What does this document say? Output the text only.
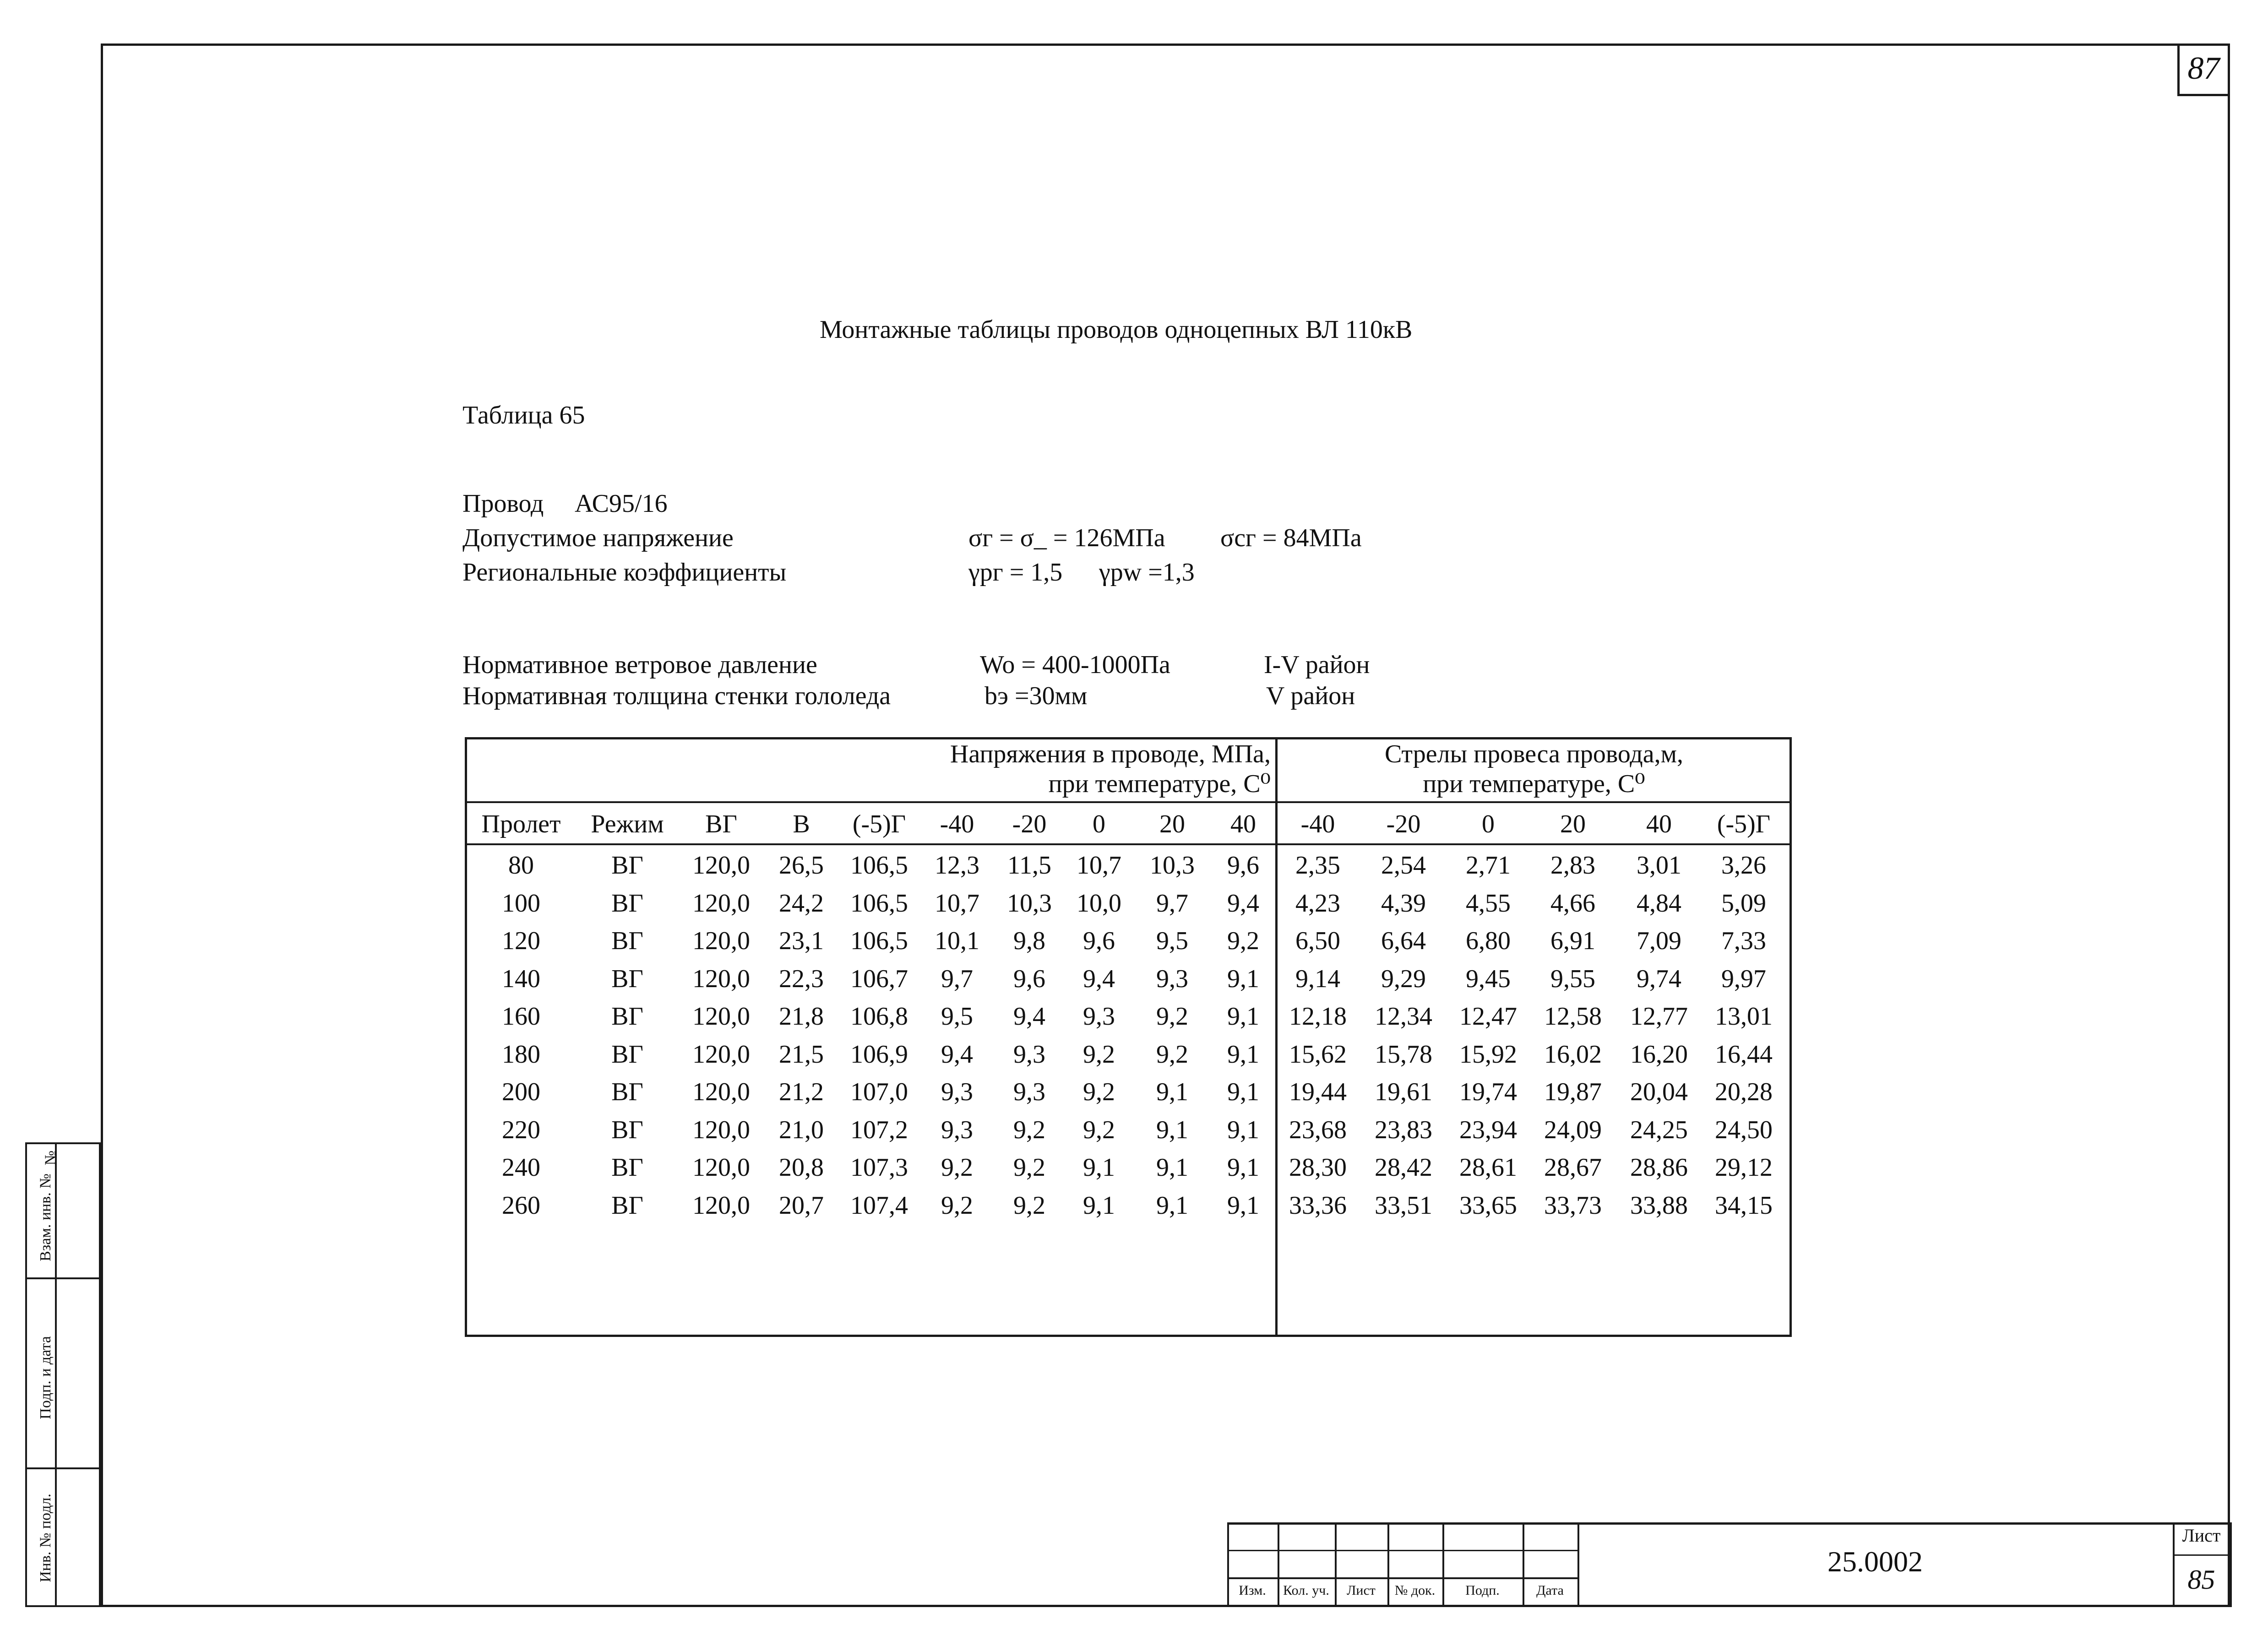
87
Монтажные таблицы проводов одноцепных ВЛ 110кВ
Таблица 65
Провод АС95/16
Допустимое напряжение	σг = σ_ = 126МПа σсг = 84МПа
Региональные коэффициенты	γрг = 1,5 γpw =1,3
Нормативное ветровое давление	Wo = 400-1000Па	I-V район
Нормативная толщина стенки гололеда	bэ =30мм	V район
Напряжения в проводе, МПа,
при температуре, С⁰
Стрелы провеса провода,м,
при температуре, С⁰
Пролет	Режим	ВГ	В	(-5)Г	-40	-20	0	20	40	-40	-20	0	20	40	(-5)Г
80	ВГ	120,0	26,5	106,5	12,3	11,5 10,7	10,3	9,6	2,35	2,54	2,71	2,83	3,01	3,26
100	ВГ	120,0	24,2	106,5	10,7	10,3 10,0	9,7	9,4	4,23	4,39	4,55	4,66	4,84	5,09
120	ВГ	120,0	23,1	106,5	10,1	9,8	9,6	9,5	9,2	6,50	6,64	6,80	6,91	7,09	7,33
140	ВГ	120,0	22,3	106,7	9,7	9,6	9,4	9,3	9,1	9,14	9,29	9,45	9,55	9,74	9,97
160	ВГ	120,0	21,8	106,8	9,5	9,4	9,3	9,2	9,1	12,18	12,34	12,47	12,58	12,77	13,01
180	ВГ	120,0	21,5	106,9	9,4	9,3	9,2	9,2	9,1	15,62	15,78	15,92	16,02	16,20	16,44
200	ВГ	120,0	21,2	107,0	9,3	9,3	9,2	9,1	9,1	19,44	19,61	19,74	19,87	20,04	20,28
220	ВГ	120,0	21,0	107,2	9,3	9,2	9,2	9,1	9,1	23,68	23,83	23,94	24,09	24,25	24,50
240	ВГ	120,0	20,8	107,3	9,2	9,2	9,1	9,1	9,1	28,30	28,42	28,61	28,67	28,86	29,12
260	ВГ	120,0	20,7	107,4	9,2	9,2	9,1	9,1	9,1	33,36	33,51	33,65	33,73	33,88	34,15
№
Взам. инв. №
Подп. и дата
Инв. № подл.
Изм.	Кол. уч.	Лист	№ док.	Подп.	Дата
25.0002
Лист
85
